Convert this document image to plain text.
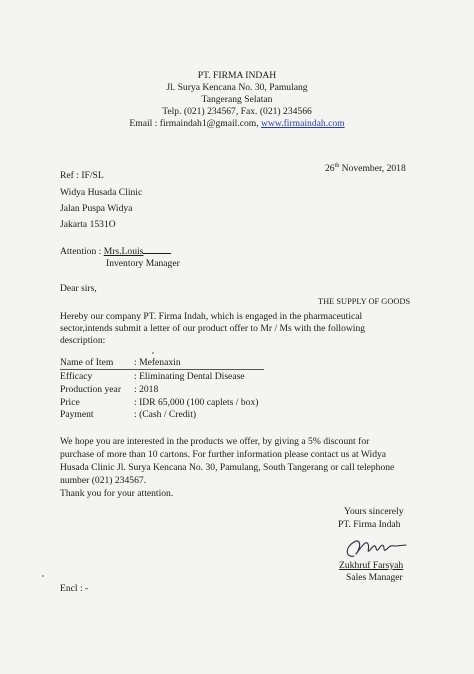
PT. FIRMA INDAH
Jl. Surya Kencana No. 30, Pamulang
Tangerang Selatan
Telp. (021) 234567, Fax. (021) 234566
Email : firmaindah1@gmail.com, www.firmaindah.com
26th November, 2018
Ref : IF/SL
Widya Husada Clinic
Jalan Puspa Widya
Jakarta 1531O
Attention : Mrs.Louis
Inventory Manager
Dear sirs,
THE SUPPLY OF GOODS
Hereby our company PT. Firma Indah, which is engaged in the pharmaceutical
sector,intends submit a letter of our product offer to Mr / Ms with the following
description:
Name of Item : Mefenaxin
Efficacy	: Eliminating Dental Disease
Production year : 2018
Price	: IDR 65,000 (100 caplets / box)
Payment	: (Cash / Credit)
We hope you are interested in the products we offer, by giving a 5% discount for
purchase of more than 10 cartons. For further information please contact us at Widya
Husada Clinic Jl. Surya Kencana No. 30, Pamulang, South Tangerang or call telephone
number (021) 234567.
Thank you for your attention.
Yours sincerely
PT. Firma Indah
Zukhruf Farsyah
Sales Manager
Encl : -
